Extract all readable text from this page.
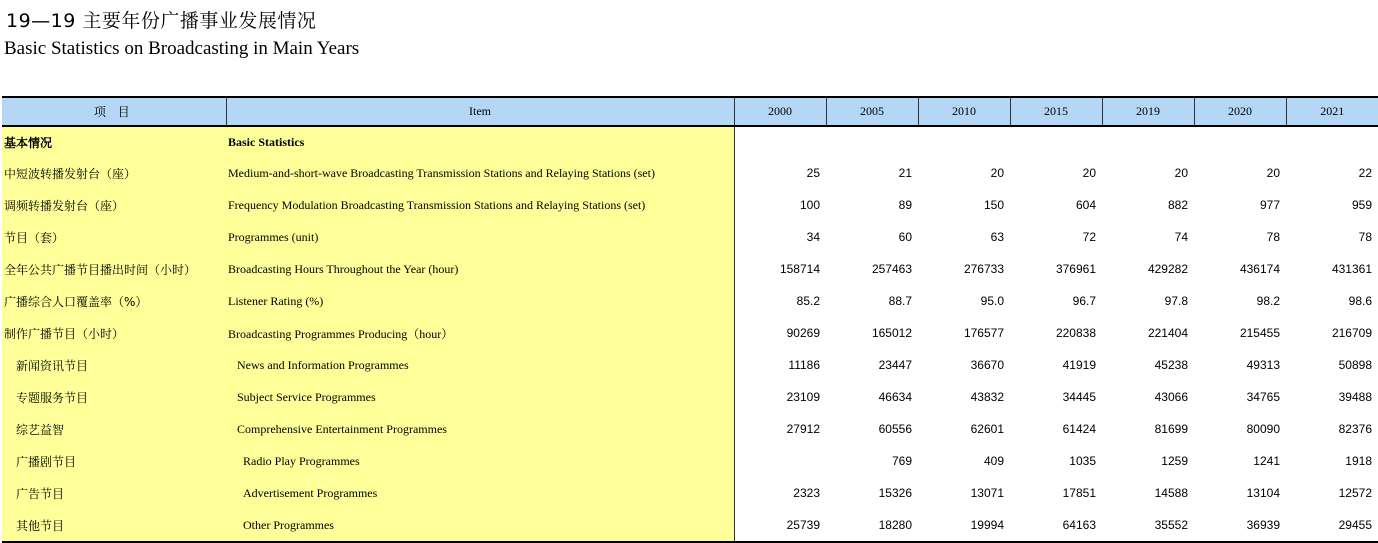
19—19 主要年份广播事业发展情况
Basic Statistics on Broadcasting in Main Years
项 目	Item	2000	2005	2010	2015	2019	2020	2021
基本情况	Basic Statistics							
中短波转播发射台（座）	Medium-and-short-wave Broadcasting Transmission Stations and Relaying Stations (set)	25	21	20	20	20	20	22
调频转播发射台（座）	Frequency Modulation Broadcasting Transmission Stations and Relaying Stations (set)	100	89	150	604	882	977	959
节目（套）	Programmes (unit)	34	60	63	72	74	78	78
全年公共广播节目播出时间（小时）	Broadcasting Hours Throughout the Year (hour)	158714	257463	276733	376961	429282	436174	431361
广播综合人口覆盖率（%）	Listener Rating (%)	85.2	88.7	95.0	96.7	97.8	98.2	98.6
制作广播节目（小时）	Broadcasting Programmes Producing（hour）	90269	165012	176577	220838	221404	215455	216709
新闻资讯节目	News and Information Programmes	11186	23447	36670	41919	45238	49313	50898
专题服务节目	Subject Service Programmes	23109	46634	43832	34445	43066	34765	39488
综艺益智	Comprehensive Entertainment Programmes	27912	60556	62601	61424	81699	80090	82376
广播剧节目	Radio Play Programmes		769	409	1035	1259	1241	1918
广告节目	Advertisement Programmes	2323	15326	13071	17851	14588	13104	12572
其他节目	Other Programmes	25739	18280	19994	64163	35552	36939	29455
